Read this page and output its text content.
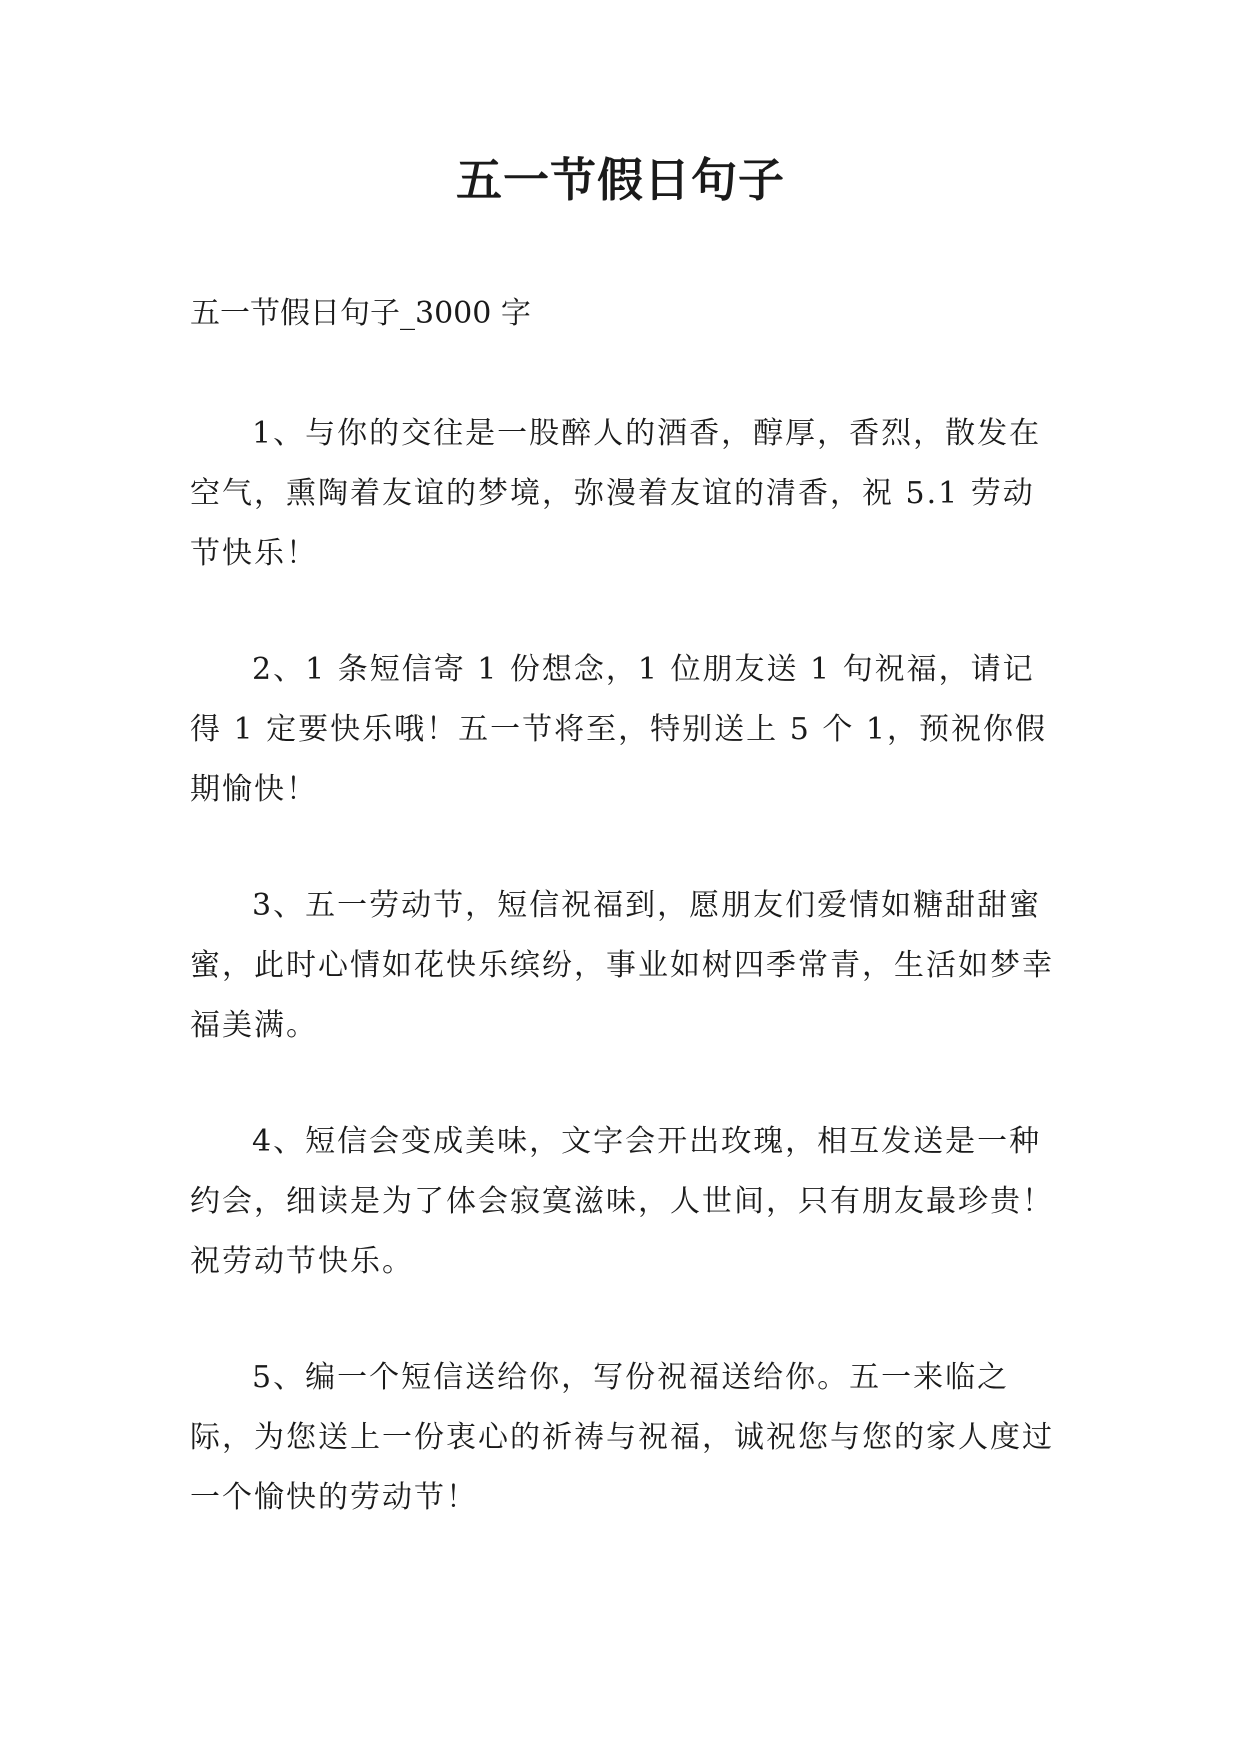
五一节假日句子

五一节假日句子_3000 字

1、与你的交往是一股醉人的酒香，醇厚，香烈，散发在空气，熏陶着友谊的梦境，弥漫着友谊的清香，祝 5.1 劳动节快乐！

2、1 条短信寄 1 份想念，1 位朋友送 1 句祝福，请记得 1 定要快乐哦！五一节将至，特别送上 5 个 1，预祝你假期愉快！

3、五一劳动节，短信祝福到，愿朋友们爱情如糖甜甜蜜蜜，此时心情如花快乐缤纷，事业如树四季常青，生活如梦幸福美满。

4、短信会变成美味，文字会开出玫瑰，相互发送是一种约会，细读是为了体会寂寞滋味，人世间，只有朋友最珍贵！祝劳动节快乐。

5、编一个短信送给你，写份祝福送给你。五一来临之际，为您送上一份衷心的祈祷与祝福，诚祝您与您的家人度过一个愉快的劳动节！
